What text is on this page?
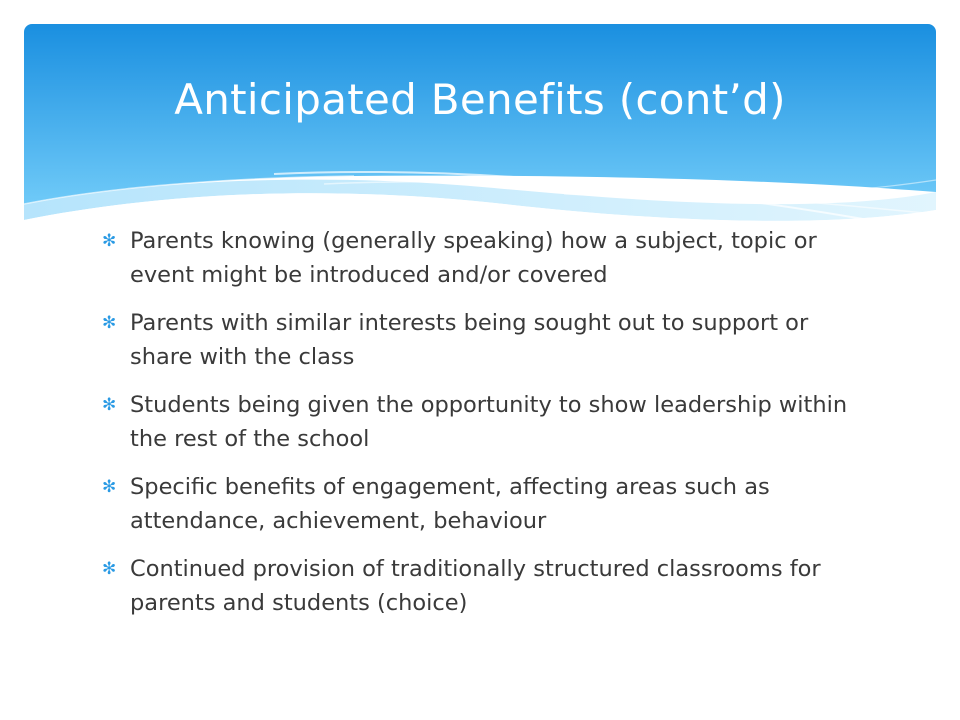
Anticipated Benefits (cont’d)
✻ Parents knowing (generally speaking) how a subject, topic or event might be introduced and/or covered
✻ Parents with similar interests being sought out to support or share with the class
✻ Students being given the opportunity to show leadership within the rest of the school
✻ Specific benefits of engagement, affecting areas such as attendance, achievement, behaviour
✻ Continued provision of traditionally structured classrooms for parents and students (choice)
